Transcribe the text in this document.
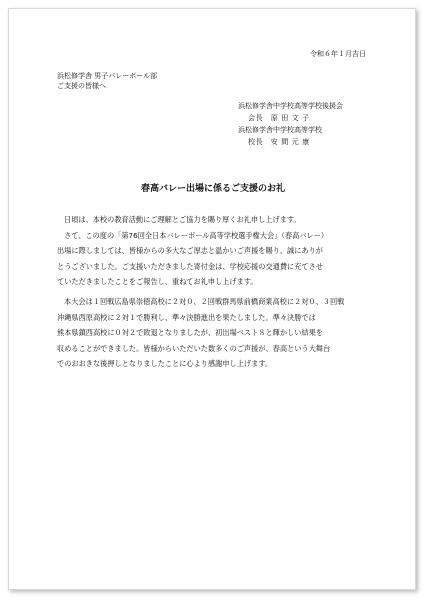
令和６年１月吉日
浜松修学舎 男子バレーボール部
ご支援の皆様へ
浜松修学舎中学校高等学校後援会
会長　原 田 文 子
浜松修学舎中学校高等学校
校長　安 間 元 康
春高バレー出場に係るご支援のお礼

日頃は、本校の教育活動にご理解とご協力を賜り厚くお礼申し上げます。

さて、この度の「第76回全日本バレーボール高等学校選手権大会」（春高バレー）
出場に際しましては、皆様からの多大なご厚志と温かいご声援を賜り、誠にありが
とうございました。ご支援いただきました寄付金は、学校応援の交通費に充てさせ
ていただきましたことをご報告し、重ねてお礼申し上げます。

本大会は１回戦広島県崇徳高校に２対０、２回戦群馬県前橋商業高校に２対０、３回戦
沖縄県西原高校に２対１で勝利し、準々決勝進出を果たしました。準々決勝では
熊本県鎮西高校に０対２で敗退となりましたが、初出場ベスト８と輝かしい結果を
収めることができました。皆様からいただいた数多くのご声援が、春高という大舞台
でのおおきな後押しとなりましたことに心より感謝申し上げます。
